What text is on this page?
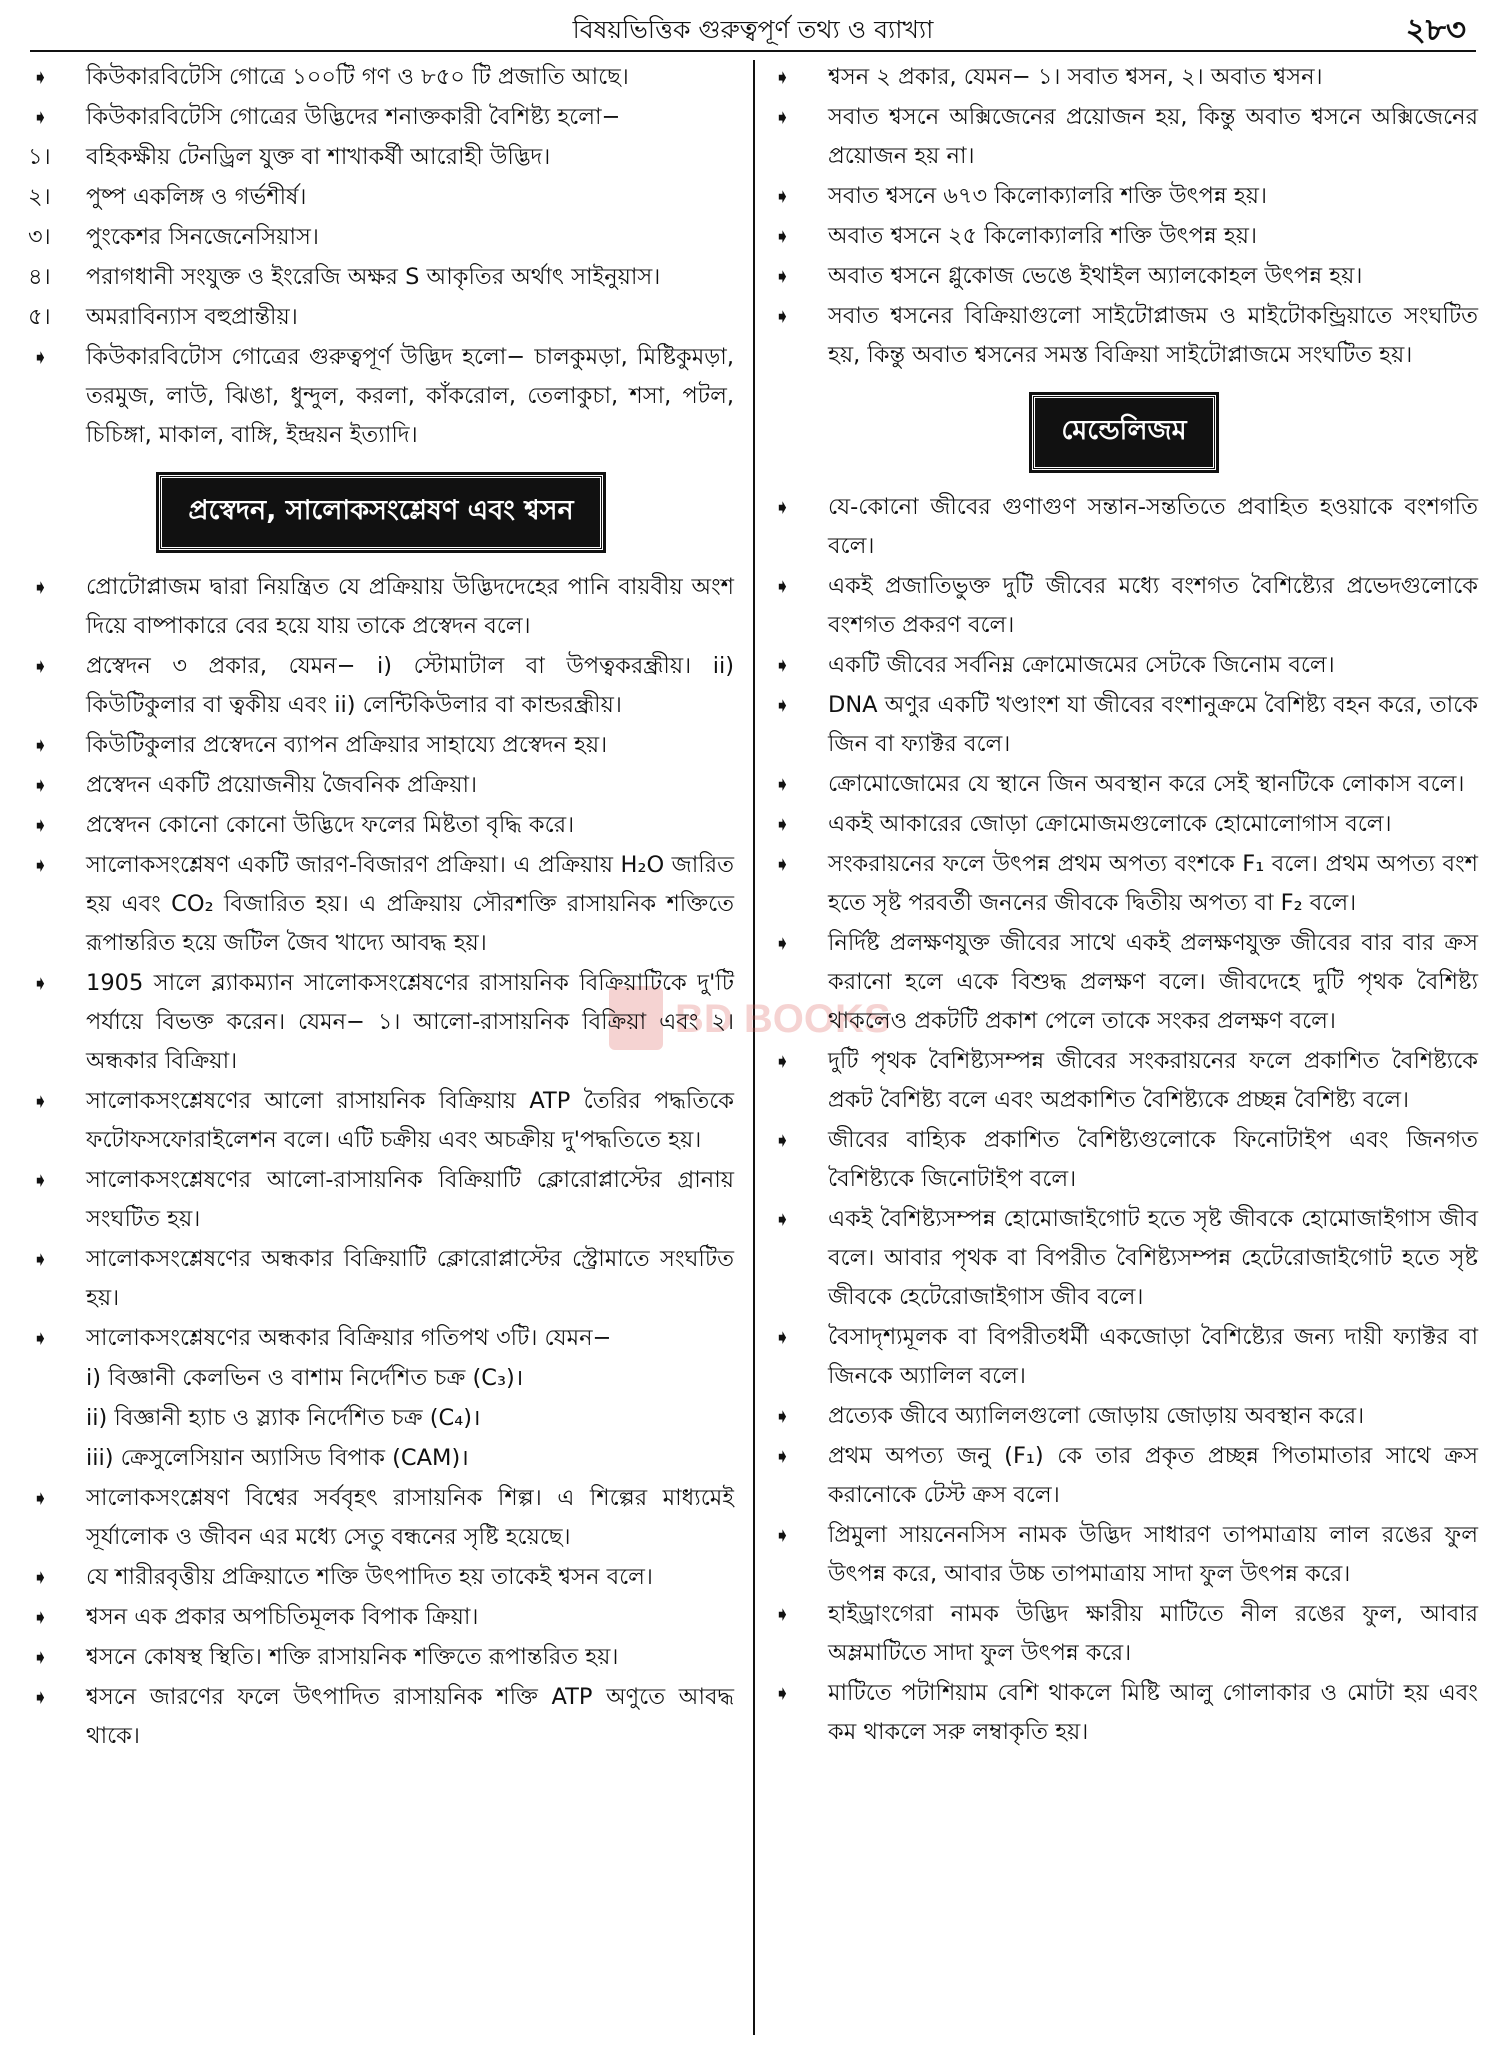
বিষয়ভিত্তিক গুরুত্বপূর্ণ তথ্য ও ব্যাখ্যা	২৮৩
BD BOOKS
➧ কিউকারবিটেসি গোত্রে ১০০টি গণ ও ৮৫০ টি প্রজাতি আছে।
➧ কিউকারবিটেসি গোত্রের উদ্ভিদের শনাক্তকারী বৈশিষ্ট্য হলো−
১। বহিকক্ষীয় টেনড্রিল যুক্ত বা শাখাকর্ষী আরোহী উদ্ভিদ।
২। পুষ্প একলিঙ্গ ও গর্ভশীর্ষ।
৩। পুংকেশর সিনজেনেসিয়াস।
৪। পরাগধানী সংযুক্ত ও ইংরেজি অক্ষর S আকৃতির অর্থাৎ সাইনুয়াস।
৫। অমরাবিন্যাস বহুপ্রান্তীয়।
➧ কিউকারবিটোস গোত্রের গুরুত্বপূর্ণ উদ্ভিদ হলো− চালকুমড়া, মিষ্টিকুমড়া, তরমুজ, লাউ, ঝিঙা, ধুন্দুল, করলা, কাঁকরোল, তেলাকুচা, শসা, পটল, চিচিঙ্গা, মাকাল, বাঙ্গি, ইন্দ্রয়ন ইত্যাদি।
প্রস্বেদন, সালোকসংশ্লেষণ এবং শ্বসন
➧ প্রোটোপ্লাজম দ্বারা নিয়ন্ত্রিত যে প্রক্রিয়ায় উদ্ভিদদেহের পানি বায়বীয় অংশ দিয়ে বাষ্পাকারে বের হয়ে যায় তাকে প্রস্বেদন বলে।
➧ প্রস্বেদন ৩ প্রকার, যেমন− i) স্টোমাটাল বা উপত্বকরন্ধ্রীয়। ii) কিউটিকুলার বা ত্বকীয় এবং ii) লেন্টিকিউলার বা কান্ডরন্ধ্রীয়।
➧ কিউটিকুলার প্রস্বেদনে ব্যাপন প্রক্রিয়ার সাহায্যে প্রস্বেদন হয়।
➧ প্রস্বেদন একটি প্রয়োজনীয় জৈবনিক প্রক্রিয়া।
➧ প্রস্বেদন কোনো কোনো উদ্ভিদে ফলের মিষ্টতা বৃদ্ধি করে।
➧ সালোকসংশ্লেষণ একটি জারণ-বিজারণ প্রক্রিয়া। এ প্রক্রিয়ায় H₂O জারিত হয় এবং CO₂ বিজারিত হয়। এ প্রক্রিয়ায় সৌরশক্তি রাসায়নিক শক্তিতে রূপান্তরিত হয়ে জটিল জৈব খাদ্যে আবদ্ধ হয়।
➧ 1905 সালে ব্ল্যাকম্যান সালোকসংশ্লেষণের রাসায়নিক বিক্রিয়াটিকে দু'টি পর্যায়ে বিভক্ত করেন। যেমন− ১। আলো-রাসায়নিক বিক্রিয়া এবং ২। অন্ধকার বিক্রিয়া।
➧ সালোকসংশ্লেষণের আলো রাসায়নিক বিক্রিয়ায় ATP তৈরির পদ্ধতিকে ফটোফসফোরাইলেশন বলে। এটি চক্রীয় এবং অচক্রীয় দু'পদ্ধতিতে হয়।
➧ সালোকসংশ্লেষণের আলো-রাসায়নিক বিক্রিয়াটি ক্লোরোপ্লাস্টের গ্রানায় সংঘটিত হয়।
➧ সালোকসংশ্লেষণের অন্ধকার বিক্রিয়াটি ক্লোরোপ্লাস্টের স্ট্রোমাতে সংঘটিত হয়।
➧ সালোকসংশ্লেষণের অন্ধকার বিক্রিয়ার গতিপথ ৩টি। যেমন−
i) বিজ্ঞানী কেলভিন ও বাশাম নির্দেশিত চক্র (C₃)।
ii) বিজ্ঞানী হ্যাচ ও স্ল্যাক নির্দেশিত চক্র (C₄)।
iii) ক্রেসুলেসিয়ান অ্যাসিড বিপাক (CAM)।
➧ সালোকসংশ্লেষণ বিশ্বের সর্ববৃহৎ রাসায়নিক শিল্প। এ শিল্পের মাধ্যমেই সূর্যালোক ও জীবন এর মধ্যে সেতু বন্ধনের সৃষ্টি হয়েছে।
➧ যে শারীরবৃত্তীয় প্রক্রিয়াতে শক্তি উৎপাদিত হয় তাকেই শ্বসন বলে।
➧ শ্বসন এক প্রকার অপচিতিমূলক বিপাক ক্রিয়া।
➧ শ্বসনে কোষস্থ স্থিতি। শক্তি রাসায়নিক শক্তিতে রূপান্তরিত হয়।
➧ শ্বসনে জারণের ফলে উৎপাদিত রাসায়নিক শক্তি ATP অণুতে আবদ্ধ থাকে।
➧ শ্বসন ২ প্রকার, যেমন− ১। সবাত শ্বসন, ২। অবাত শ্বসন।
➧ সবাত শ্বসনে অক্সিজেনের প্রয়োজন হয়, কিন্তু অবাত শ্বসনে অক্সিজেনের প্রয়োজন হয় না।
➧ সবাত শ্বসনে ৬৭৩ কিলোক্যালরি শক্তি উৎপন্ন হয়।
➧ অবাত শ্বসনে ২৫ কিলোক্যালরি শক্তি উৎপন্ন হয়।
➧ অবাত শ্বসনে গ্লুকোজ ভেঙে ইথাইল অ্যালকোহল উৎপন্ন হয়।
➧ সবাত শ্বসনের বিক্রিয়াগুলো সাইটোপ্লাজম ও মাইটোকন্ড্রিয়াতে সংঘটিত হয়, কিন্তু অবাত শ্বসনের সমস্ত বিক্রিয়া সাইটোপ্লাজমে সংঘটিত হয়।
মেন্ডেলিজম
➧ যে-কোনো জীবের গুণাগুণ সন্তান-সন্ততিতে প্রবাহিত হওয়াকে বংশগতি বলে।
➧ একই প্রজাতিভুক্ত দুটি জীবের মধ্যে বংশগত বৈশিষ্ট্যের প্রভেদগুলোকে বংশগত প্রকরণ বলে।
➧ একটি জীবের সর্বনিম্ন ক্রোমোজমের সেটকে জিনোম বলে।
➧ DNA অণুর একটি খণ্ডাংশ যা জীবের বংশানুক্রমে বৈশিষ্ট্য বহন করে, তাকে জিন বা ফ্যাক্টর বলে।
➧ ক্রোমোজোমের যে স্থানে জিন অবস্থান করে সেই স্থানটিকে লোকাস বলে।
➧ একই আকারের জোড়া ক্রোমোজমগুলোকে হোমোলোগাস বলে।
➧ সংকরায়নের ফলে উৎপন্ন প্রথম অপত্য বংশকে F₁ বলে। প্রথম অপত্য বংশ হতে সৃষ্ট পরবর্তী জননের জীবকে দ্বিতীয় অপত্য বা F₂ বলে।
➧ নির্দিষ্ট প্রলক্ষণযুক্ত জীবের সাথে একই প্রলক্ষণযুক্ত জীবের বার বার ক্রস করানো হলে একে বিশুদ্ধ প্রলক্ষণ বলে। জীবদেহে দুটি পৃথক বৈশিষ্ট্য থাকলেও প্রকটটি প্রকাশ পেলে তাকে সংকর প্রলক্ষণ বলে।
➧ দুটি পৃথক বৈশিষ্ট্যসম্পন্ন জীবের সংকরায়নের ফলে প্রকাশিত বৈশিষ্ট্যকে প্রকট বৈশিষ্ট্য বলে এবং অপ্রকাশিত বৈশিষ্ট্যকে প্রচ্ছন্ন বৈশিষ্ট্য বলে।
➧ জীবের বাহ্যিক প্রকাশিত বৈশিষ্ট্যগুলোকে ফিনোটাইপ এবং জিনগত বৈশিষ্ট্যকে জিনোটাইপ বলে।
➧ একই বৈশিষ্ট্যসম্পন্ন হোমোজাইগোট হতে সৃষ্ট জীবকে হোমোজাইগাস জীব বলে। আবার পৃথক বা বিপরীত বৈশিষ্ট্যসম্পন্ন হেটেরোজাইগোট হতে সৃষ্ট জীবকে হেটেরোজাইগাস জীব বলে।
➧ বৈসাদৃশ্যমূলক বা বিপরীতধর্মী একজোড়া বৈশিষ্ট্যের জন্য দায়ী ফ্যাক্টর বা জিনকে অ্যালিল বলে।
➧ প্রত্যেক জীবে অ্যালিলগুলো জোড়ায় জোড়ায় অবস্থান করে।
➧ প্রথম অপত্য জনু (F₁) কে তার প্রকৃত প্রচ্ছন্ন পিতামাতার সাথে ক্রস করানোকে টেস্ট ক্রস বলে।
➧ প্রিমুলা সায়নেনসিস নামক উদ্ভিদ সাধারণ তাপমাত্রায় লাল রঙের ফুল উৎপন্ন করে, আবার উচ্চ তাপমাত্রায় সাদা ফুল উৎপন্ন করে।
➧ হাইড্রাংগেরা নামক উদ্ভিদ ক্ষারীয় মাটিতে নীল রঙের ফুল, আবার অম্লমাটিতে সাদা ফুল উৎপন্ন করে।
➧ মাটিতে পটাশিয়াম বেশি থাকলে মিষ্টি আলু গোলাকার ও মোটা হয় এবং কম থাকলে সরু লম্বাকৃতি হয়।
